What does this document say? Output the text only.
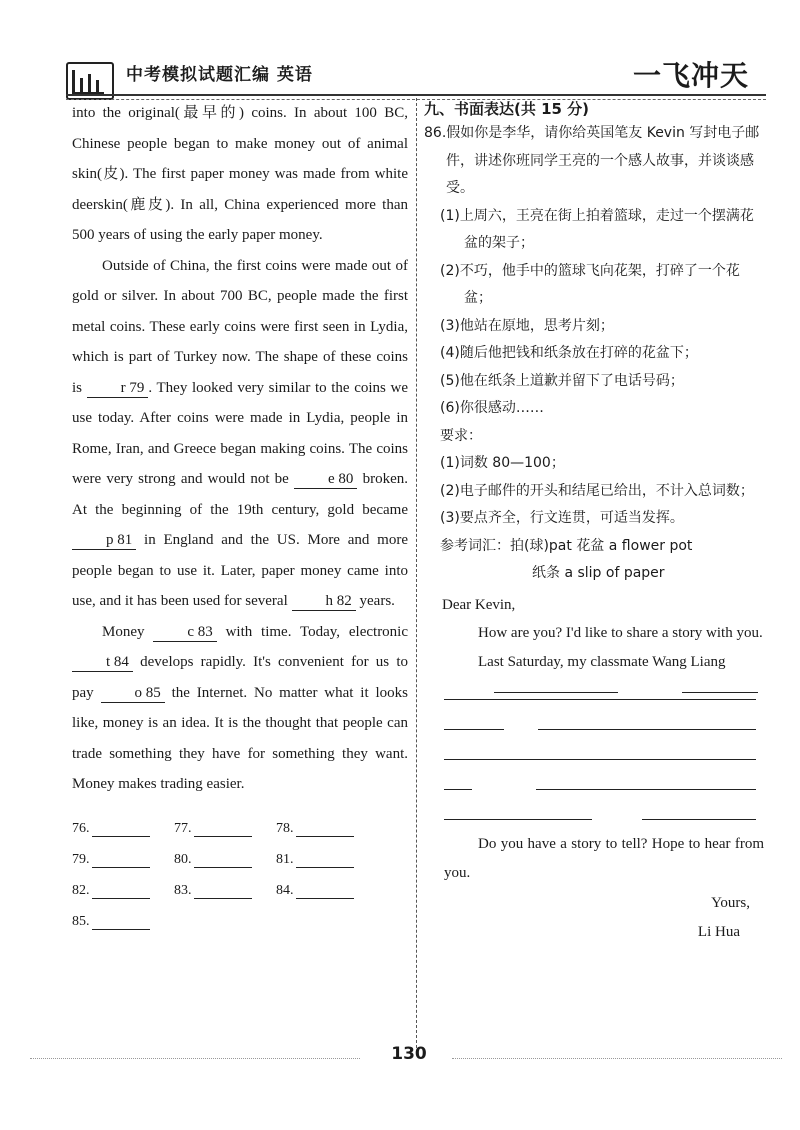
中考模拟试题汇编 英语	一飞冲天

into the original(最早的) coins. In about 100 BC, Chinese people began to make money out of animal skin(皮). The first paper money was made from white deerskin(鹿皮). In all, China experienced more than 500 years of using the early paper money.

Outside of China, the first coins were made out of gold or silver. In about 700 BC, people made the first metal coins. These early coins were first seen in Lydia, which is part of Turkey now. The shape of these coins is r 79. They looked very similar to the coins we use today. After coins were made in Lydia, people in Rome, Iran, and Greece began making coins. The coins were very strong and would not be e 80 broken. At the beginning of the 19th century, gold became p 81 in England and the US. More and more people began to use it. Later, paper money came into use, and it has been used for several h 82 years.

Money c 83 with time. Today, electronic t 84 develops rapidly. It's convenient for us to pay o 85 the Internet. No matter what it looks like, money is an idea. It is the thought that people can trade something they have for something they want. Money makes trading easier.

76.	77.	78.
79.	80.	81.
82.	83.	84.
85.
九、书面表达(共 15 分)
86.假如你是李华，请你给英国笔友 Kevin 写封电子邮件，讲述你班同学王亮的一个感人故事，并谈谈感受。
(1)上周六，王亮在街上拍着篮球，走过一个摆满花盆的架子；
(2)不巧，他手中的篮球飞向花架，打碎了一个花盆；
(3)他站在原地，思考片刻；
(4)随后他把钱和纸条放在打碎的花盆下；
(5)他在纸条上道歉并留下了电话号码；
(6)你很感动……
要求：
(1)词数 80—100；
(2)电子邮件的开头和结尾已给出，不计入总词数；
(3)要点齐全，行文连贯，可适当发挥。
参考词汇：拍(球)pat 花盆 a flower pot
纸条 a slip of paper
Dear Kevin,
How are you? I'd like to share a story with you.
Last Saturday, my classmate Wang Liang
Do you have a story to tell? Hope to hear from you.
Yours,
Li Hua
130
